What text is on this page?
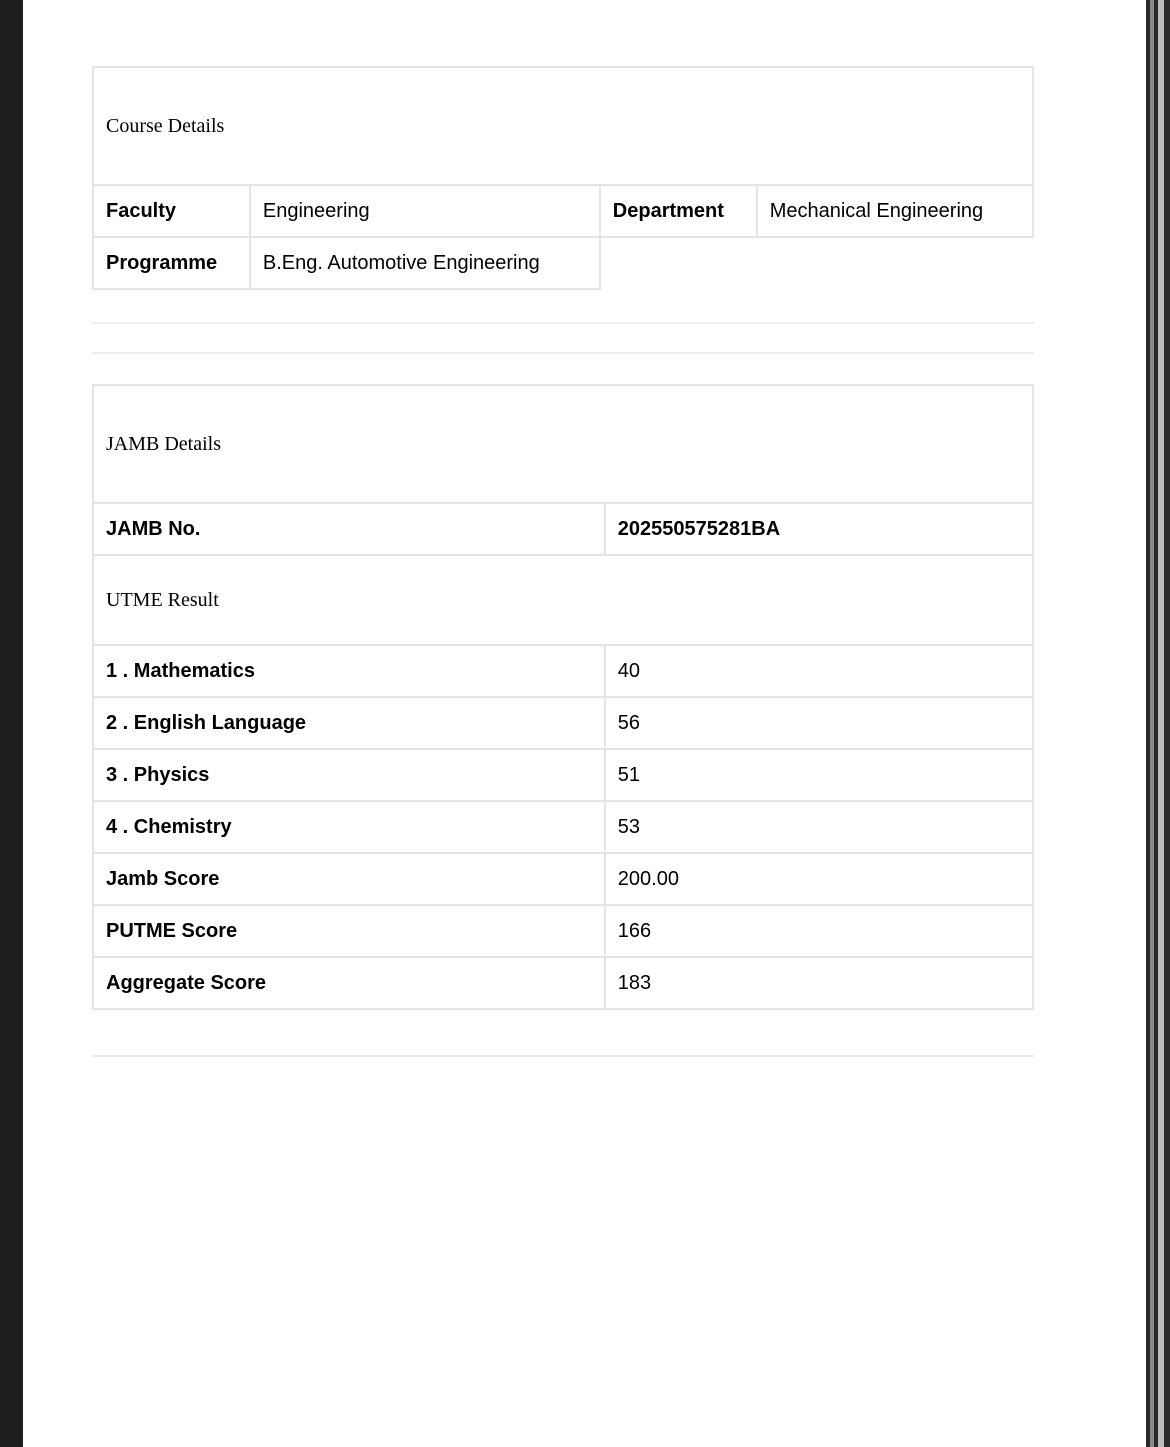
Course Details			
Faculty	Engineering	Department	Mechanical Engineering
Programme	B.Eng. Automotive Engineering		
JAMB Details	
JAMB No.	202550575281BA
UTME Result	
1 . Mathematics	40
2 . English Language	56
3 . Physics	51
4 . Chemistry	53
Jamb Score	200.00
PUTME Score	166
Aggregate Score	183
